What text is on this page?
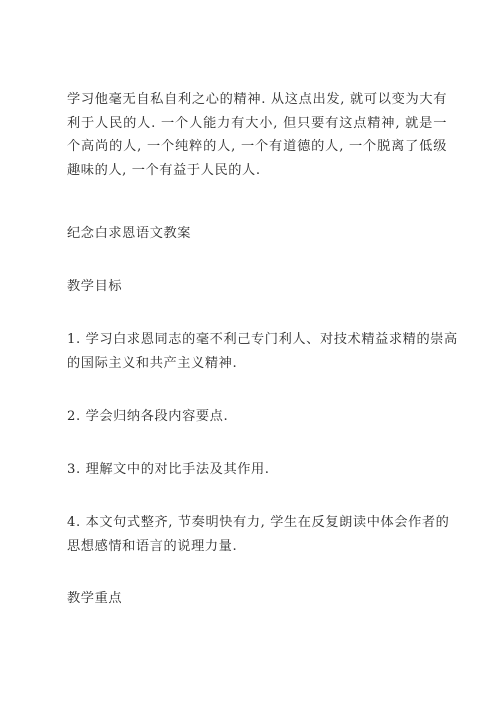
学习他毫无自私自利之心的精神. 从这点出发, 就可以变为大有
利于人民的人. 一个人能力有大小, 但只要有这点精神, 就是一
个高尚的人, 一个纯粹的人, 一个有道德的人, 一个脱离了低级
趣味的人, 一个有益于人民的人.

纪念白求恩语文教案

教学目标

1. 学习白求恩同志的毫不利己专门利人、对技术精益求精的崇高
的国际主义和共产主义精神.

2. 学会归纳各段内容要点.

3. 理解文中的对比手法及其作用.

4. 本文句式整齐, 节奏明快有力, 学生在反复朗读中体会作者的
思想感情和语言的说理力量.

教学重点
